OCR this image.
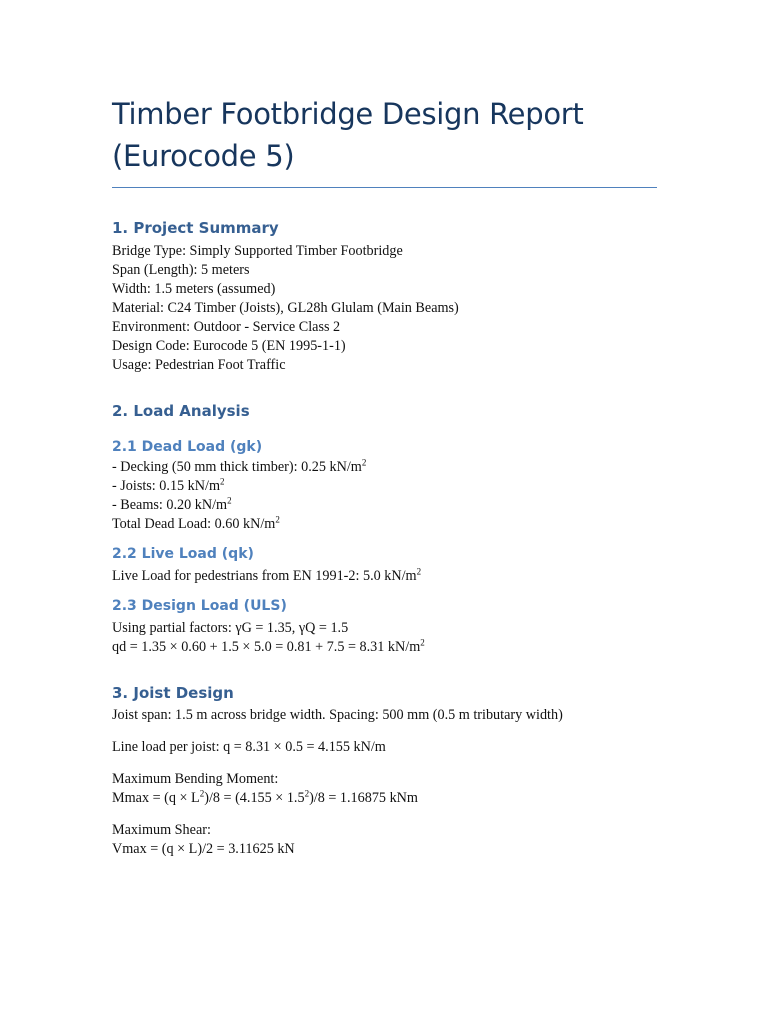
Timber Footbridge Design Report
(Eurocode 5)
1. Project Summary

Bridge Type: Simply Supported Timber Footbridge

Span (Length): 5 meters

Width: 1.5 meters (assumed)

Material: C24 Timber (Joists), GL28h Glulam (Main Beams)

Environment: Outdoor - Service Class 2

Design Code: Eurocode 5 (EN 1995-1-1)

Usage: Pedestrian Foot Traffic

2. Load Analysis
2.1 Dead Load (gk)

- Decking (50 mm thick timber): 0.25 $kN/m^2$

- Joists: 0.15 $kN/m^2$

- Beams: 0.20 $kN/m^2$

Total Dead Load: 0.60 $kN/m^2$

2.2 Live Load (qk)

Live Load for pedestrians from EN 1991-2: 5.0 $kN/m^2$

2.3 Design Load (ULS)

Using partial factors: γG = 1.35, γQ = 1.5

qd = 1.35 × 0.60 + 1.5 × 5.0 = 0.81 + 7.5 = 8.31 $kN/m^2$

3. Joist Design

Joist span: 1.5 m across bridge width. Spacing: 500 mm (0.5 m tributary width)

Line load per joist: q = 8.31 × 0.5 = 4.155 kN/m

Maximum Bending Moment:

$Mmax = (q \times L^2)/8 = (4.155 \times 1.5^2)/8 = 1.16875$ kNm

Maximum Shear:

Vmax = (q × L)/2 = 3.11625 kN
